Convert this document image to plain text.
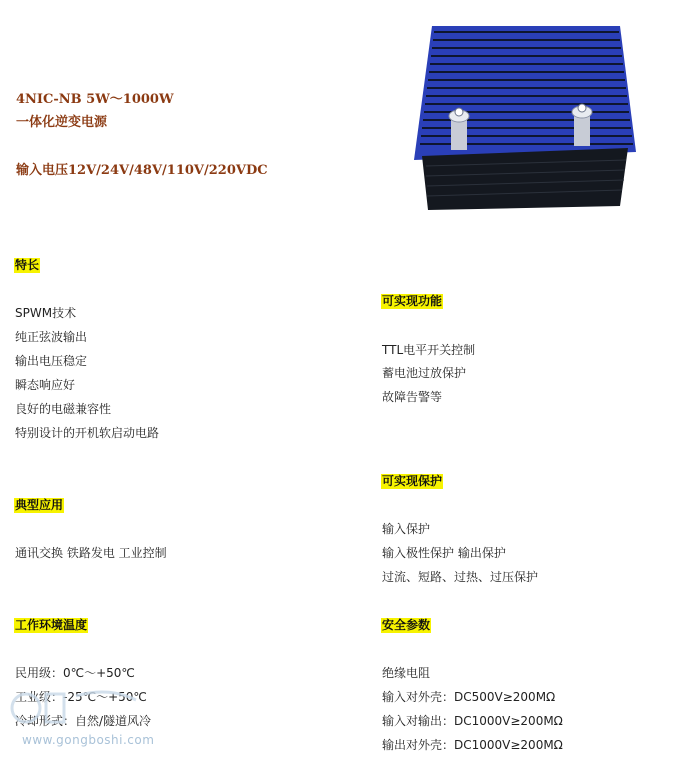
4NIC-NB 5W～1000W
一体化逆变电源
输入电压12V/24V/48V/110V/220VDC
特长
SPWM技术
纯正弦波输出
输出电压稳定
瞬态响应好
良好的电磁兼容性
特别设计的开机软启动电路
可实现功能
TTL电平开关控制
蓄电池过放保护
故障告警等
典型应用
通讯交换 铁路发电 工业控制
可实现保护
输入保护
输入极性保护 输出保护
过流、短路、过热、过压保护
工作环境温度
民用级：0℃～+50℃
工业级：-25℃～+50℃
冷却形式：自然/隧道风冷
安全参数
绝缘电阻
输入对外壳：DC500V≥200MΩ
输入对输出：DC1000V≥200MΩ
输出对外壳：DC1000V≥200MΩ
www.gongboshi.com
